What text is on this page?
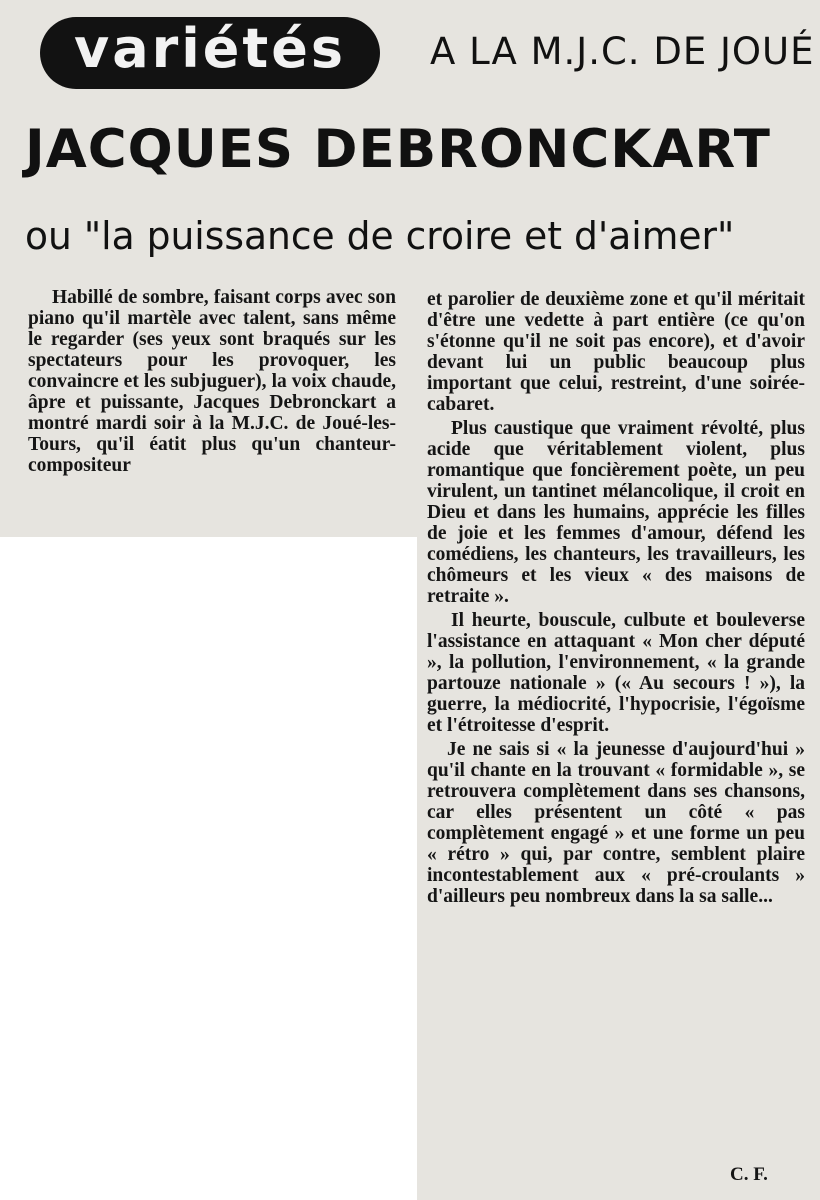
variétés A LA M.J.C. DE JOUÉ
JACQUES DEBRONCKART
ou "la puissance de croire et d'aimer"

Habillé de sombre, faisant corps avec son piano qu'il martèle avec talent, sans même le regarder (ses yeux sont braqués sur les spectateurs pour les provoquer, les convaincre et les subjuguer), la voix chaude, âpre et puissante, Jacques Debronckart a montré mardi soir à la M.J.C. de Joué-les-Tours, qu'il éatit plus qu'un chanteur-compositeur

et parolier de deuxième zone et qu'il méritait d'être une vedette à part entière (ce qu'on s'étonne qu'il ne soit pas encore), et d'avoir devant lui un public beaucoup plus important que celui, restreint, d'une soirée-cabaret.

Plus caustique que vraiment révolté, plus acide que véritablement violent, plus romantique que foncièrement poète, un peu virulent, un tantinet mélancolique, il croit en Dieu et dans les humains, apprécie les filles de joie et les femmes d'amour, défend les comédiens, les chanteurs, les travailleurs, les chômeurs et les vieux « des maisons de retraite ».

Il heurte, bouscule, culbute et bouleverse l'assistance en attaquant « Mon cher député », la pollution, l'environnement, « la grande partouze nationale » (« Au secours ! »), la guerre, la médiocrité, l'hypocrisie, l'égoïsme et l'étroitesse d'esprit.

Je ne sais si « la jeunesse d'aujourd'hui » qu'il chante en la trouvant « formidable », se retrouvera complètement dans ses chansons, car elles présentent un côté « pas complètement engagé » et une forme un peu « rétro » qui, par contre, semblent plaire incontestablement aux « pré-croulants » d'ailleurs peu nombreux dans la sa salle...

C. F.
